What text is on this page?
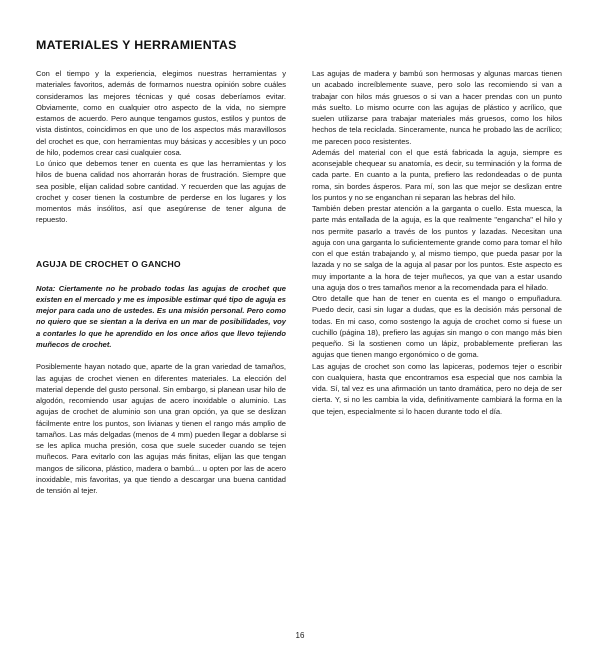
MATERIALES Y HERRAMIENTAS

Con el tiempo y la experiencia, elegimos nuestras herramientas y materiales favoritos, además de formarnos nuestra opinión sobre cuáles consideramos las mejores técnicas y qué cosas deberíamos evitar. Obviamente, como en cualquier otro aspecto de la vida, no siempre estamos de acuerdo. Pero aunque tengamos gustos, estilos y puntos de vista distintos, coincidimos en que uno de los aspectos más maravillosos del crochet es que, con herramientas muy básicas y accesibles y un poco de hilo, podemos crear casi cualquier cosa.

Lo único que debemos tener en cuenta es que las herramientas y los hilos de buena calidad nos ahorrarán horas de frustración. Siempre que sea posible, elijan calidad sobre cantidad. Y recuerden que las agujas de crochet y coser tienen la costumbre de perderse en los lugares y los momentos más insólitos, así que asegúrense de tener alguna de repuesto.

AGUJA DE CROCHET O GANCHO

Nota: Ciertamente no he probado todas las agujas de crochet que existen en el mercado y me es imposible estimar qué tipo de aguja es mejor para cada uno de ustedes. Es una misión personal. Pero como no quiero que se sientan a la deriva en un mar de posibilidades, voy a contarles lo que he aprendido en los once años que llevo tejiendo muñecos de crochet.

Posiblemente hayan notado que, aparte de la gran variedad de tamaños, las agujas de crochet vienen en diferentes materiales. La elección del material depende del gusto personal. Sin embargo, si planean usar hilo de algodón, recomiendo usar agujas de acero inoxidable o aluminio. Las agujas de crochet de aluminio son una gran opción, ya que se deslizan fácilmente entre los puntos, son livianas y tienen el rango más amplio de tamaños. Las más delgadas (menos de 4 mm) pueden llegar a doblarse si se les aplica mucha presión, cosa que suele suceder cuando se tejen muñecos. Para evitarlo con las agujas más finitas, elijan las que tengan mangos de silicona, plástico, madera o bambú... u opten por las de acero inoxidable, mis favoritas, ya que tiendo a descargar una buena cantidad de tensión al tejer.

Las agujas de madera y bambú son hermosas y algunas marcas tienen un acabado increíblemente suave, pero solo las recomiendo si van a trabajar con hilos más gruesos o si van a hacer prendas con un punto más suelto. Lo mismo ocurre con las agujas de plástico y acrílico, que suelen utilizarse para trabajar materiales más gruesos, como los hilos hechos de tela reciclada. Sinceramente, nunca he probado las de acrílico; me parecen poco resistentes.

Además del material con el que está fabricada la aguja, siempre es aconsejable chequear su anatomía, es decir, su terminación y la forma de cada parte. En cuanto a la punta, prefiero las redondeadas o de punta roma, sin bordes ásperos. Para mí, son las que mejor se deslizan entre los puntos y no se enganchan ni separan las hebras del hilo.

También deben prestar atención a la garganta o cuello. Esta muesca, la parte más entallada de la aguja, es la que realmente "engancha" el hilo y nos permite pasarlo a través de los puntos y lazadas. Necesitan una aguja con una garganta lo suficientemente grande como para tomar el hilo con el que están trabajando y, al mismo tiempo, que pueda pasar por la lazada y no se salga de la aguja al pasar por los puntos. Este aspecto es muy importante a la hora de tejer muñecos, ya que van a estar usando una aguja dos o tres tamaños menor a la recomendada para el hilado.

Otro detalle que han de tener en cuenta es el mango o empuñadura. Puedo decir, casi sin lugar a dudas, que es la decisión más personal de todas. En mi caso, como sostengo la aguja de crochet como si fuese un cuchillo (página 18), prefiero las agujas sin mango o con mango más bien pequeño. Si la sostienen como un lápiz, probablemente prefieran las agujas que tienen mango ergonómico o de goma.

Las agujas de crochet son como las lapiceras, podemos tejer o escribir con cualquiera, hasta que encontramos esa especial que nos cambia la vida. Sí, tal vez es una afirmación un tanto dramática, pero no deja de ser cierta. Y, si no les cambia la vida, definitivamente cambiará la forma en la que tejen, especialmente si lo hacen durante todo el día.

16
